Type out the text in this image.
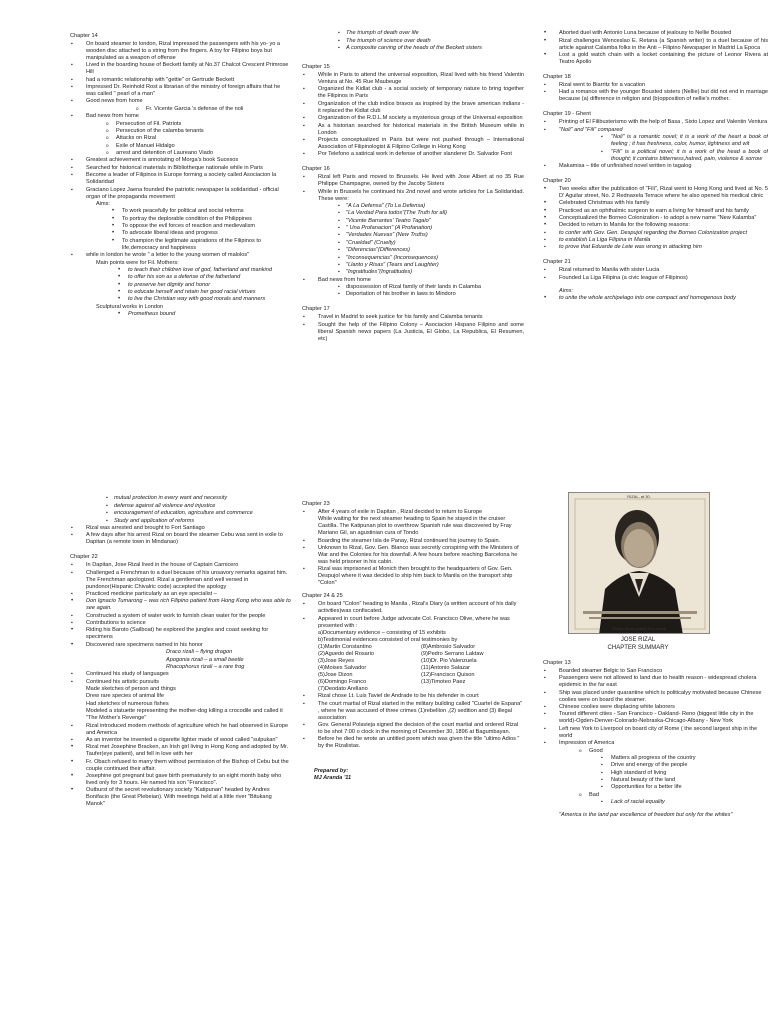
Chapter 14
▪ On board steamer to london, Rizal impressed the passengers with his yo- yo a wooden disc attached to a string from the fingers. A toy for Filipino boys but manipulated as a weapon of offense
▪ Lived in the boarding house of Beckett family at No.37 Chalcot Crescent Primrose Hill
▪ had a romantic relationship with "gettie" or Gertrude Beckett
▪ Impressed Dr. Reinhold Rost a librarian of the ministry of foreign affairs that he was called " pearl of a man"
▪ Good news from home
o Fr. Vicente Garcia 's defense of the noli
▪ Bad news from home
o Persecution of Fil. Patriots
o Persecution of the calamba tenants
o Attacks on Rizal
o Exile of Manuel Hidalgo
o arrest and detention of Laureano Viado
▪ Greatest achievement is annotating of Morga's book Sucesos
▪ Searched for historical materials in Bibliotheque nationale while in Paris
▪ Become a leader of Filipinos in Europe forming a society called Asociacion la Solidaridad
▪ Graciano Lopez Jaena founded the patriotic newspaper la solidaridad - official organ of the propaganda movement
Aims:
• To work peacefully for political and social reforms
• To portray the deplorable condition of the Philippines
• To oppose the evil forces of reaction and medievalism
• To advocate liberal ideas and progress
• To champion the legitimate aspirations of the Filipinos to life,democracy and happiness
▪ while in london he wrote " a letter to the young women of malolos"
Main points were for Fil. Mothers:
• to teach their children love of god, fatherland and mankind
• to offer his son as a defense of the fatherland
• to preserve her dignity and honor
• to educate herself and retain her good racial virtues
• to live the Christian way with good morals and manners
Sculptural works in London
• Prometheus bound
▪ The triumph of death over life
▪ The triumph of science over death
▪ A composite carving of the heads of the Beckett sisters
Chapter 15
▪ While in Paris to attend the universal exposition, Rizal lived with his friend Valentin Ventura at No. 45 Rue Maubeuge
▪ Organized the Kidlat club - a social society of temporary nature to bring together the Filipinos in Paris
▪ Organization of the club indios bravos as inspired by the brave american indians - it replaced the Kidlat club
▪ Organization of the R.D.L.M society a mysterious group of the Universal exposition
▪ As a historian searched for historical materials in the British Museum while in London
▪ Projects conceptualized in Paris but were not pushed through – International Association of Filipinologist & Filipino College in Hong Kong
▪ Por Telefono a satirical work in defense of another slanderer Dr. Salvador Font
Chapter 16
▪ Rizal left Paris and moved to Brussels. He lived with Jose Albert at no 35 Rue Philippe Champagne, owned by the Jacoby Sisters
▪ While in Brussels he continued his 2nd novel and wrote articles for La Solidaridad. These were:
▪ "A La Defensa" (To La Defensa)
▪ "La Verdad Para todos"(The Truth for all)
▪ "Vicente Barrantes' Teatro Tagalo"
▪ " Una Profanacion" (A Profanation)
▪ "Verdades Nuevas" (New Truths)
▪ "Crueldad" (Cruelty)
▪ "Diferencias"(Differences)
▪ "Inconsequencias" (Inconsequences)
▪ "Llanto y Risas" (Tears and Laughter)
▪ "Ingratitudes"(Ingratitudes)
▪ Bad news from home
▪ dispossession of Rizal family of their lands in Calamba
▪ Deportation of his brother in laws to Mindoro
Chapter 17
▪ Travel in Madrid to seek justice for his family and Calamba tenants
▪ Sought the help of the Filipino Colony – Asociacion Hispano Filipino and some liberal Spanish news papers (La Justicia, El Globo, La Republica, El Resumen, etc)
• Aborted duel with Antonio Luna because of jealousy to Nellie Bousted
• Rizal challenges Wenceslao E. Retana (a Spanish writer) to a duel because of his article against Calamba folks in the Anti – Filipino Newspaper in Madrid La Epoca
• Lost a gold watch chain with a locket containing the picture of Leonor Rivera at Teatro Apollo
Chapter 18
▪ Rizal went to Biarritz for a vacation
▪ Had a romance with the younger Bousted sisters (Nellie) but did not end in marriage because (a) difference in religion and (b)opposition of nellie's mother.
Chapter 19 - Ghent
▪ Printing of El Filibusterismo with the help of Basa , Sixto Lopez and Valentin Ventura
▪ "Noli" and "Fili" compared
▪ "Noli" is a romantic novel; it is a work of the heart a book of feeling ; it has freshness, color, humor, lightness and wit
▪ "Fili" is a political novel; it is a work of the head a book of thought; it contains bitterness,hatred, pain, violence & sorrow
▪ Makamisa – title of unfinished novel written in tagalog
Chapter 20
• Two weeks after the publication of "Fili", Rizal went to Hong Kong and lived at No. 5 D' Aguilar street, No. 2 Rednaxela Terrace where he also opened his medical clinic
• Celebrated Christmas with his family
• Practiced as an ophthalmic surgeon to earn a living for himself and his family
• Conceptualized the Borneo Colonization - to adopt a new name "New Kalamba"
• Decided to return to Manila for the following reasons:
▪ to confer with Gov. Gen. Despujol regarding the Borneo Colonization project
▪ to establish La Liga Filipina in Manila
▪ to prove that Eduarde de Lete was wrong in attacking him
Chapter 21
▪ Rizal returned to Manila with sister Lucia
▪ Founded La Liga Filipina (a civic league of Filipinos)
Aims:
• to unite the whole archipelago into one compact and homogenous body
▪ mutual protection in every want and necessity
▪ defense against all violence and injustice
▪ encouragement of education, agriculture and commerce
▪ Study and application of reforms
▪ Rizal was arrested and brought to Fort Santiago
▪ A few days after his arrest Rizal on board the steamer Cebu was sent in exile to Dapitan (a remote town in Mindanao)
Chapter 22
▪ In Dapitan, Jose Rizal lived in the house of Captain Carnicero
▪ Challenged a Frenchman to a duel because of his unsavory remarks against him. The Frenchman apologized. Rizal a gentleman and well versed in pundonor(Hispanic Chivalric code) accepted the apology
▪ Practiced medicine particularly as an eye specialist –
• Don Ignacio Tumarong – was rich Filipino patient from Hong Kong who was able to see again.
▪ Constructed a system of water work to furnish clean water for the people
▪ Contributions to science
• Riding his Baroto (Sailboat) he explored the jungles and coast seeking for specimens
• Discovered rare specimens named in his honor
Draco rizali – flying dragon
Apogonia rizali – a small beetle
Rhacophorus rizali – a rare frog
▪ Continued his study of languages
▪ Continued his artistic pursuits
Made sketches of person and things
Drew rare species of animal life
Had sketches of numerous fishes
Modeled a statuette representing the mother-dog killing a crocodile and called it "The Mother's Revenge"
▪ Rizal introduced modern methods of agriculture which he had observed in Europe and America
▪ As an inventor he invented a cigarette lighter made of wood called "sulpukan"
• Rizal met Josephine Bracken, an Irish girl living in Hong Kong and adopted by Mr. Taufer(eye patient), and fell in love with her
• Fr. Obach refused to marry them without permission of the Bishop of Cebu but the couple continued their affair.
• Josephine got pregnant but gave birth prematurely to an eight month baby who lived only for 3 hours. He named his son "Francisco".
• Outburst of the secret revolutionary society "Katipunan" headed by Andres Bonifacio (the Great Plebeian). With meetings held at a little river "Bitukang Manok"
Chapter 23
▪ After 4 years of exile in Dapitan , Rizal decided to return to Europe
While waiting for the next steamer heading to Spain he stayed in the cruiser Castilla. The Katipunan plot to overthrow Spanish rule was discovered by Fray Mariano Gil, an agustinian cura of Tondo
▪ Boarding the steamer Isla de Panay, Rizal continued his journey to Spain.
▪ Unknown to Rizal, Gov. Gen. Blanco was secretly conspiring with the Ministers of War and the Colonies for his downfall. A few hours before reaching Barcelona he was held prisoner in his cabin.
▪ Rizal was imprisoned at Monich then brought to the headquarters of Gov. Gen. Despujol where it was decided to ship him back to Manila on the transport ship "Colon"
Chapter 24 & 25
▪ On board "Colon" heading to Manila , Rizal's Diary (a written account of his daily activities)was confiscated.
▪ Appeared in court before Judge advocate Col. Francisco Olive, where he was presented with :
a)Documentary evidence – consisting of 15 exhibits
b)Testimonial evidences consisted of oral testimonies by
(1)Martin Constantino	(8)Ambrosio Salvador
(2)Aguedo del Rosario	(9)Pedro Serrano Laktaw
(3)Jose Reyes	(10)Dr. Pio Valenzuela
(4)Moises Salvador	(11)Antonio Salazar
(5)Jose Dizon	(12)Francisco Quison
(6)Domingo Franco	(13)Timoteo Paez
(7)Deodato Arellano
▪ Rizal chose Lt. Luis Taviel de Andrade to be his defender in court
▪ The court martial of Rizal started in the military building called "Cuartel de Espana" , where he was accused of three crimes (1)rebellion ,(2) sedition and (3) illegal association
▪ Gov. General Polavieja signed the decision of the court martial and ordered Rizal to be shot 7:00 o clock in the morning of December 30, 1896 at Bagumbayan.
▪ Before he died he wrote an untitled poem which was given the title "ultimo Adios " by the Rizalistas.
Prepared by:
MJ Aranda '11
RIZAL, at 30.
Cedula: Rizal's portrait from a book
JOSE RIZAL
CHAPTER SUMMARY
Chapter 13
▪ Boarded steamer Belgic to San Francisco
▪ Passengers were not allowed to land due to health reason - widespread cholera epidemic in the far east
▪ Ship was placed under quarantine which is politicalyy motivated because Chinese coolies were on board the steamer.
▪ Chinese coolies were displacing white laborers
▪ Toured different cities - San Francisco - Oakland- Reno (biggest little city in the world)-Ogden-Denver-Colorado-Nebraska-Chicago-Albany - New York
▪ Left new York to Liverpool on board city of Rome ( the second largest ship in the world
▪ Impression of America
o Good
▪ Matters all progress of the country
▪ Drive and energy of the people
▪ High standard of living
▪ Natural beauty of the land
▪ Opportunities for a better life
o Bad
▪ Lack of racial equality
"America is the land par excellence of freedom but only for the whites"
